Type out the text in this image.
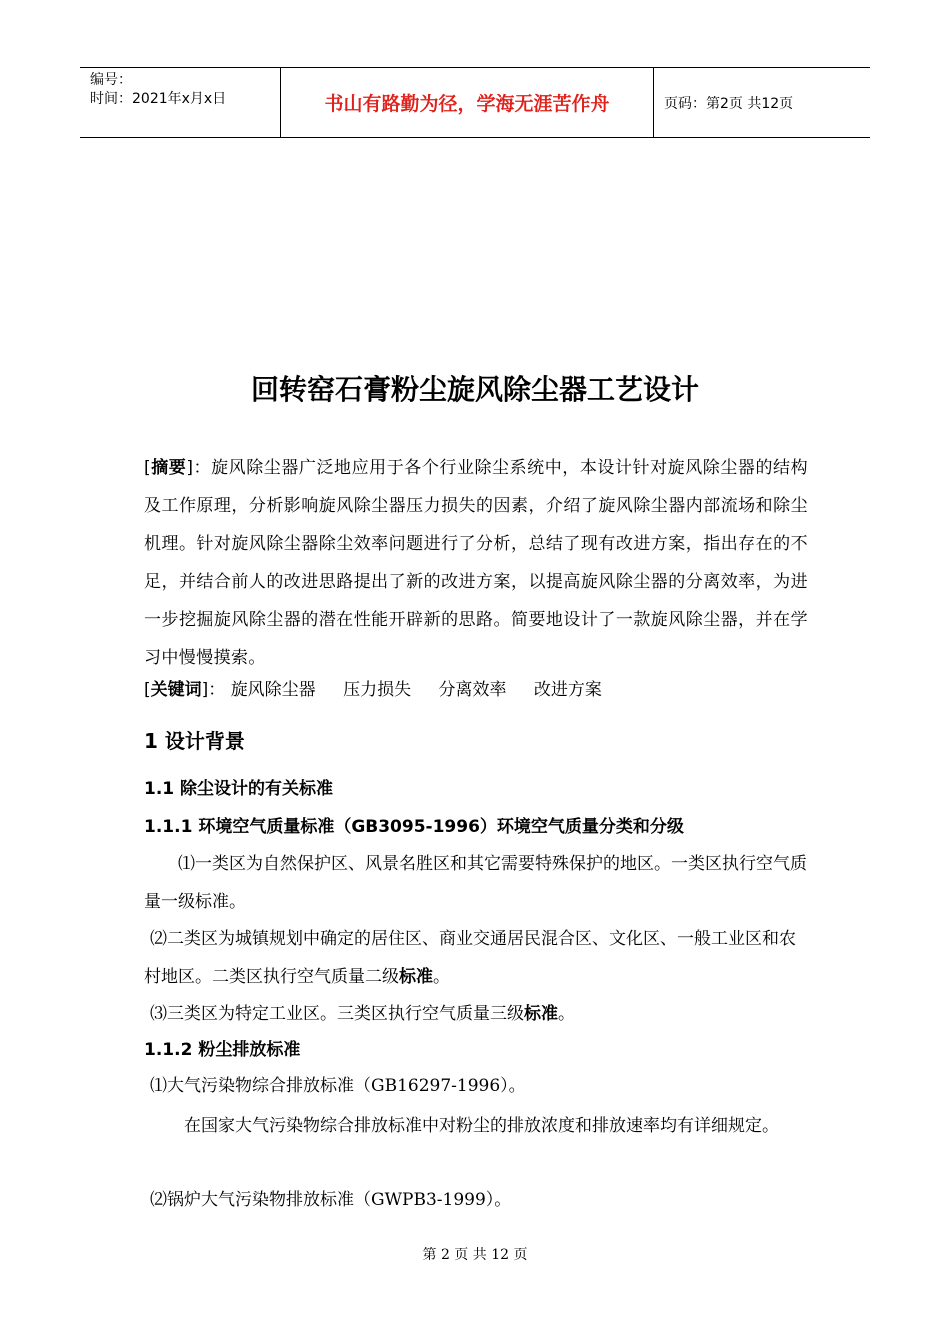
编号：
时间：2021年x月x日	书山有路勤为径，学海无涯苦作舟	页码：第2页 共12页
回转窑石膏粉尘旋风除尘器工艺设计
[摘要]：旋风除尘器广泛地应用于各个行业除尘系统中，本设计针对旋风除尘器的结构及工作原理，分析影响旋风除尘器压力损失的因素，介绍了旋风除尘器内部流场和除尘机理。针对旋风除尘器除尘效率问题进行了分析，总结了现有改进方案，指出存在的不足，并结合前人的改进思路提出了新的改进方案，以提高旋风除尘器的分离效率，为进一步挖掘旋风除尘器的潜在性能开辟新的思路。简要地设计了一款旋风除尘器，并在学习中慢慢摸索。
[关键词]： 旋风除尘器 压力损失 分离效率 改进方案
1 设计背景
1.1 除尘设计的有关标准
1.1.1 环境空气质量标准（GB3095-1996）环境空气质量分类和分级
⑴一类区为自然保护区、风景名胜区和其它需要特殊保护的地区。一类区执行空气质量一级标准。
⑵二类区为城镇规划中确定的居住区、商业交通居民混合区、文化区、一般工业区和农村地区。二类区执行空气质量二级标准。
⑶三类区为特定工业区。三类区执行空气质量三级标准。
1.1.2 粉尘排放标准
⑴大气污染物综合排放标准（GB16297-1996）。
在国家大气污染物综合排放标准中对粉尘的排放浓度和排放速率均有详细规定。
⑵锅炉大气污染物排放标准（GWPB3-1999）。
第 2 页 共 12 页
